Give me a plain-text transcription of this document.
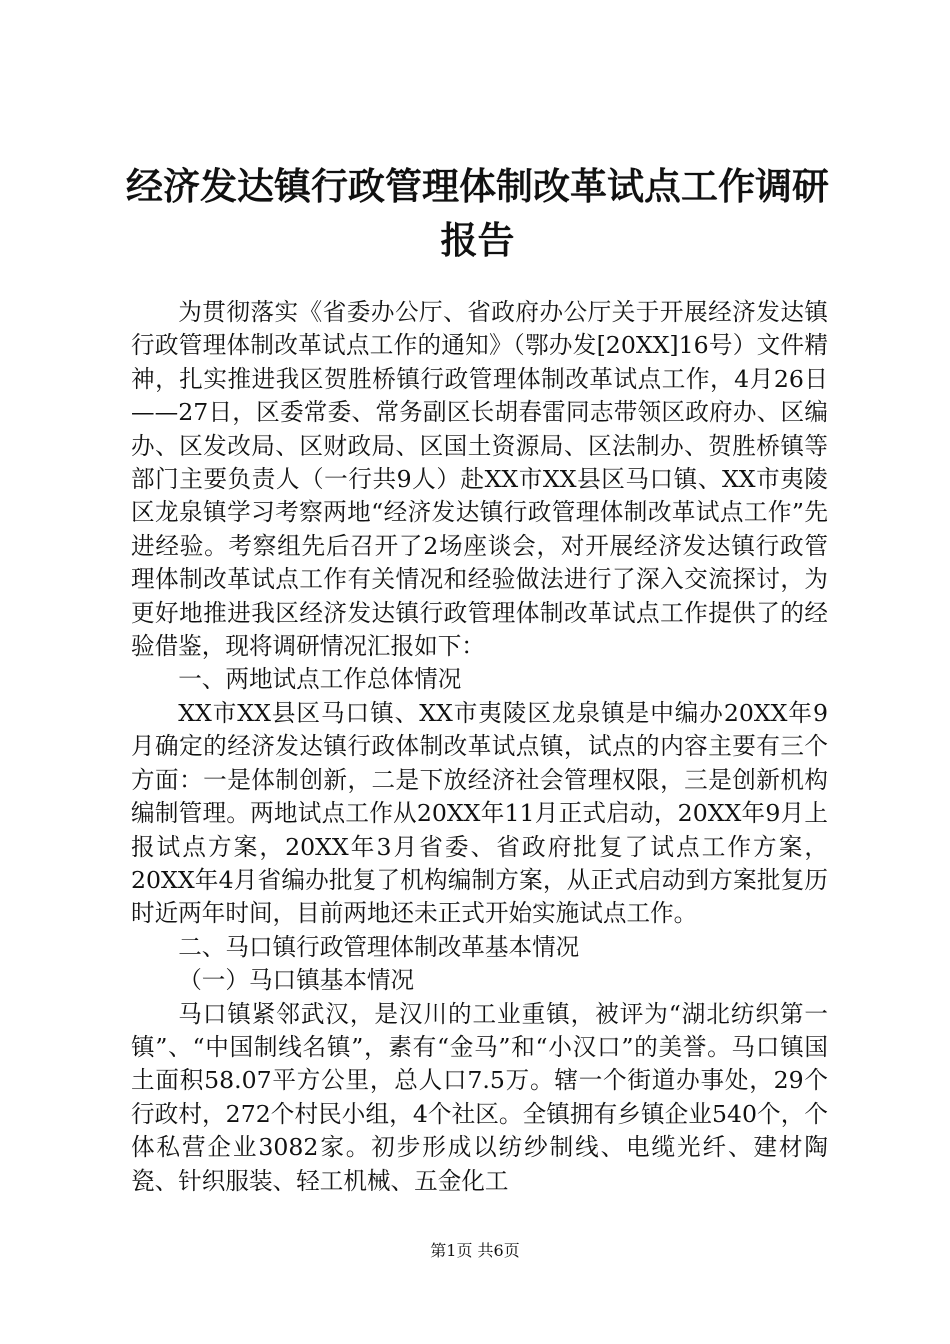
经济发达镇行政管理体制改革试点工作调研报告

为贯彻落实《省委办公厅、省政府办公厅关于开展经济发达镇行政管理体制改革试点工作的通知》（鄂办发[20XX]16号）文件精神，扎实推进我区贺胜桥镇行政管理体制改革试点工作，4月26日——27日，区委常委、常务副区长胡春雷同志带领区政府办、区编办、区发改局、区财政局、区国土资源局、区法制办、贺胜桥镇等部门主要负责人（一行共9人）赴XX市XX县区马口镇、XX市夷陵区龙泉镇学习考察两地“经济发达镇行政管理体制改革试点工作”先进经验。考察组先后召开了2场座谈会，对开展经济发达镇行政管理体制改革试点工作有关情况和经验做法进行了深入交流探讨，为更好地推进我区经济发达镇行政管理体制改革试点工作提供了的经验借鉴，现将调研情况汇报如下：

一、两地试点工作总体情况

XX市XX县区马口镇、XX市夷陵区龙泉镇是中编办20XX年9月确定的经济发达镇行政体制改革试点镇，试点的内容主要有三个方面：一是体制创新，二是下放经济社会管理权限，三是创新机构编制管理。两地试点工作从20XX年11月正式启动，20XX年9月上报试点方案，20XX年3月省委、省政府批复了试点工作方案，20XX年4月省编办批复了机构编制方案，从正式启动到方案批复历时近两年时间，目前两地还未正式开始实施试点工作。

二、马口镇行政管理体制改革基本情况

（一）马口镇基本情况

马口镇紧邻武汉，是汉川的工业重镇，被评为“湖北纺织第一镇”、“中国制线名镇”，素有“金马”和“小汉口”的美誉。马口镇国土面积58.07平方公里，总人口7.5万。辖一个街道办事处，29个行政村，272个村民小组，4个社区。全镇拥有乡镇企业540个，个体私营企业3082家。初步形成以纺纱制线、电缆光纤、建材陶瓷、针织服装、轻工机械、五金化工

第1页 共6页
